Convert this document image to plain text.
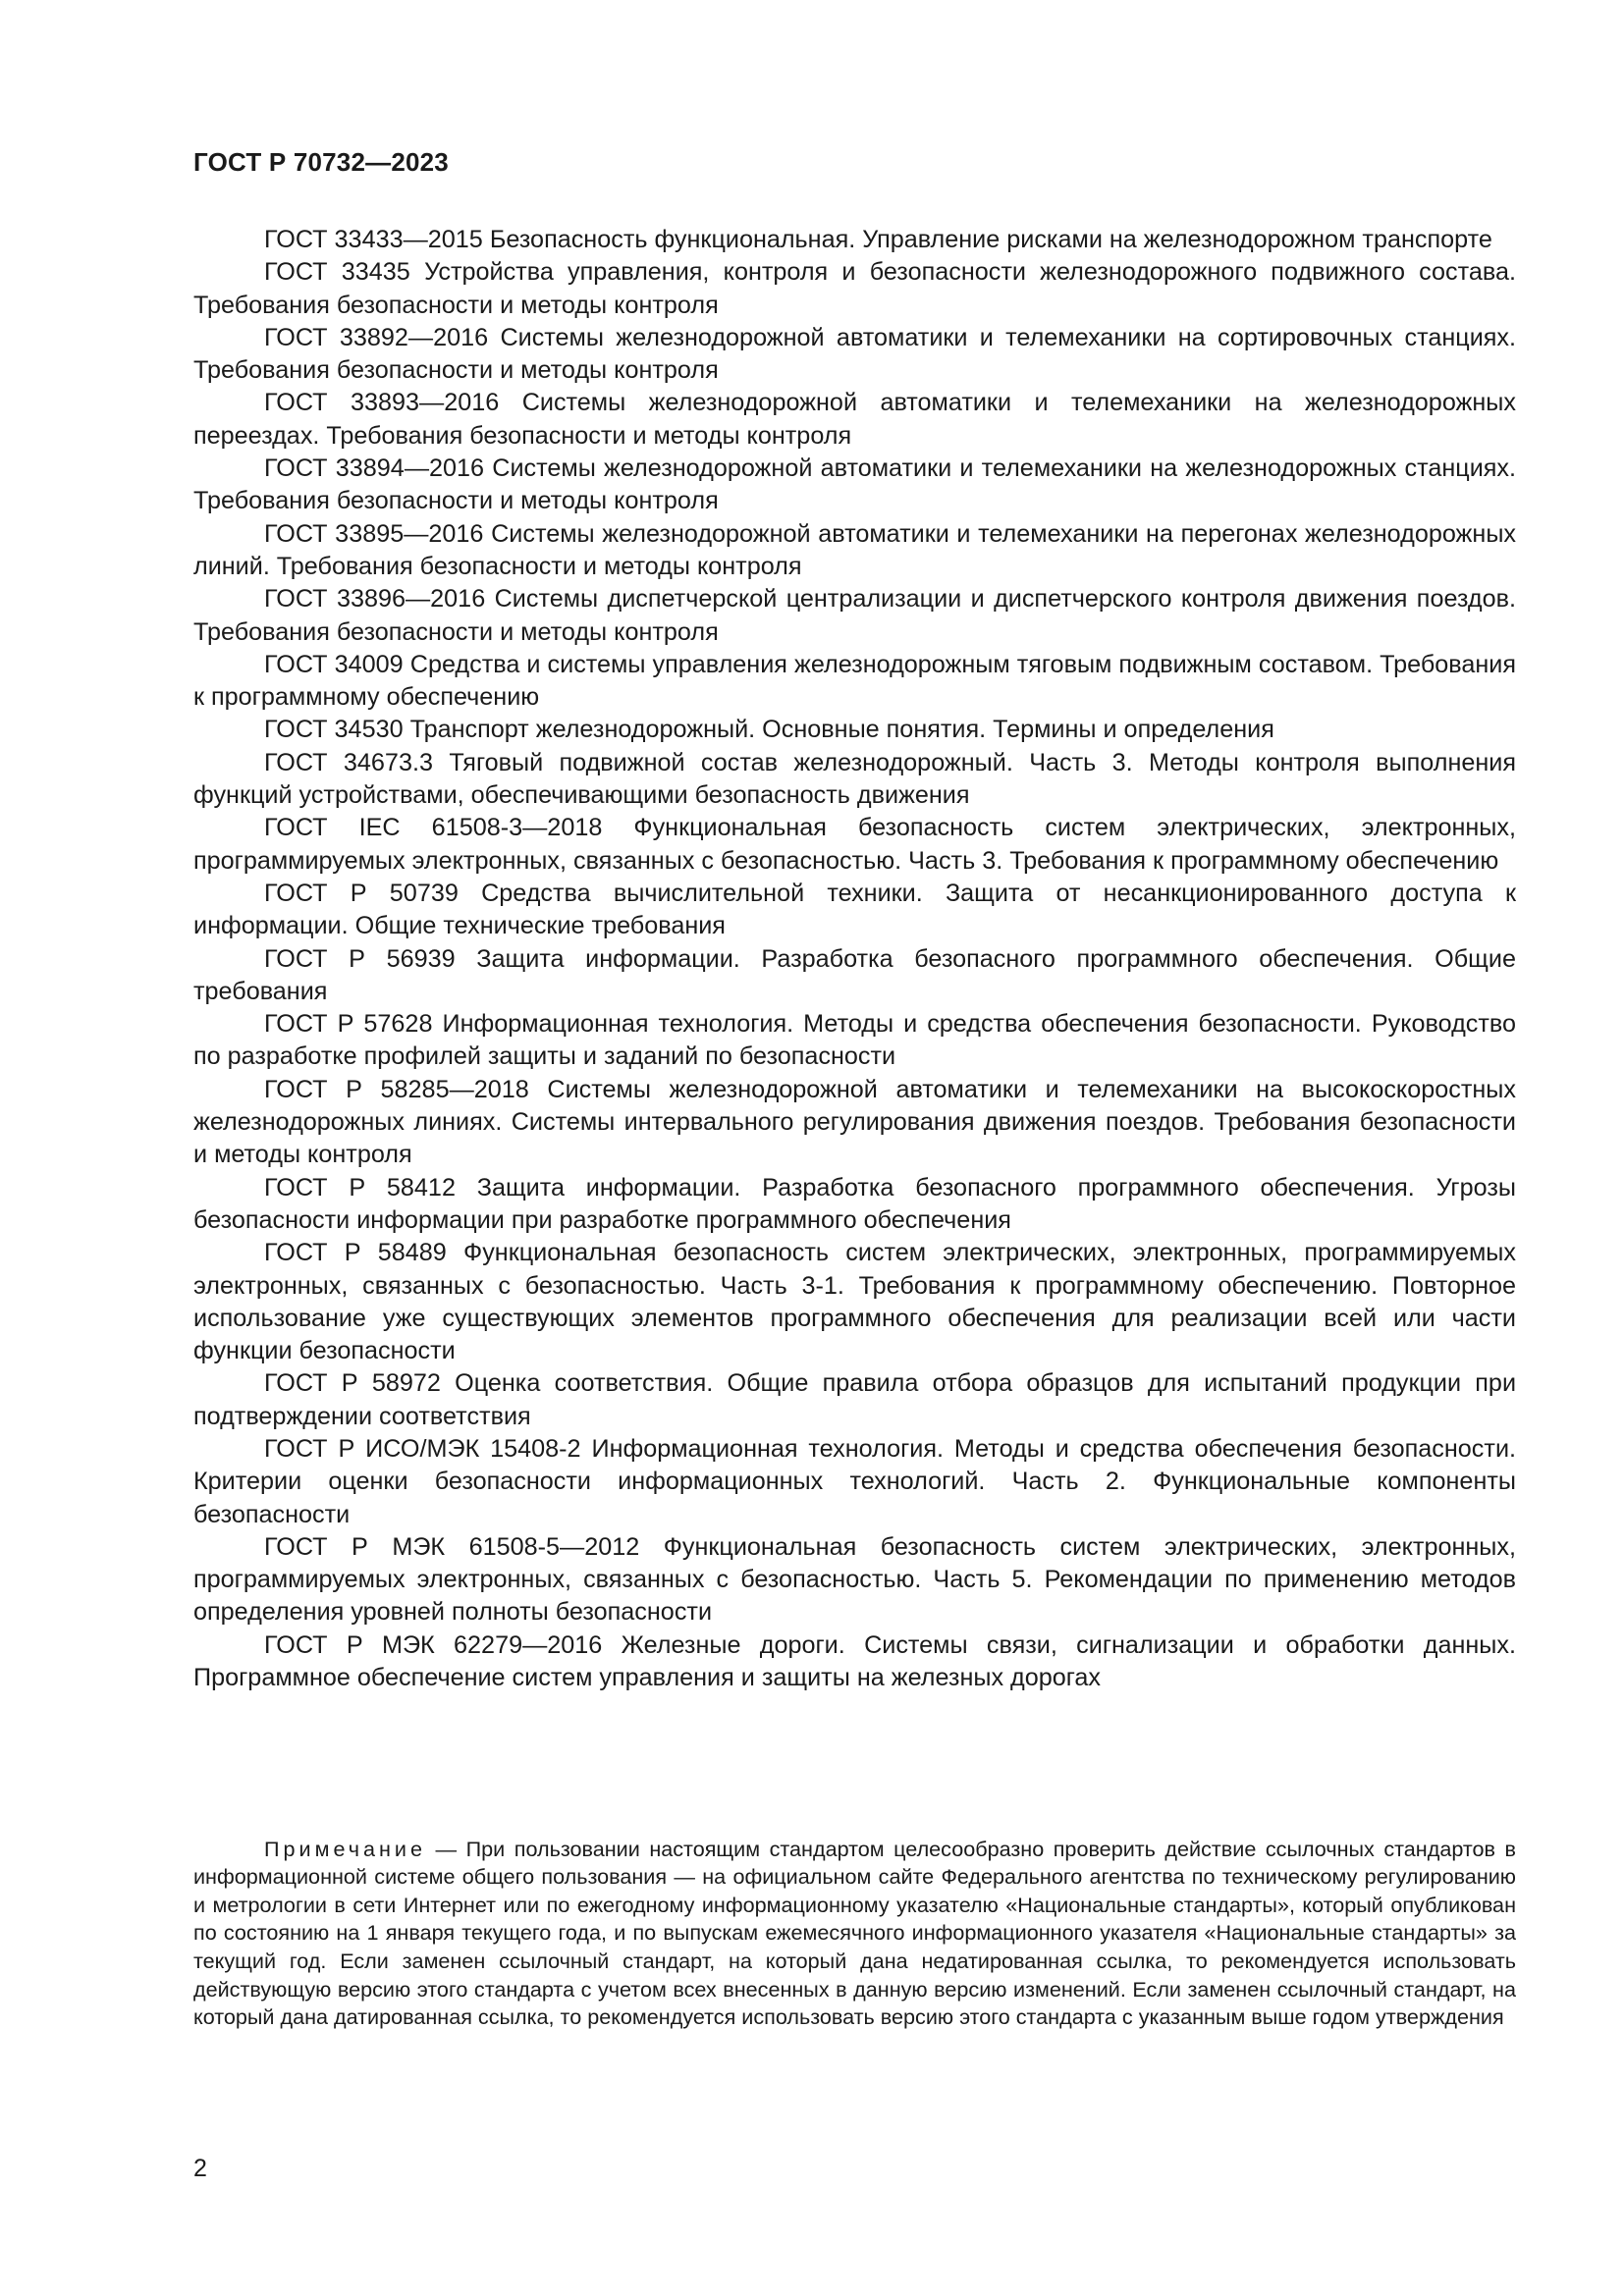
ГОСТ Р 70732—2023

ГОСТ 33433—2015 Безопасность функциональная. Управление рисками на железнодорожном транспорте

ГОСТ 33435 Устройства управления, контроля и безопасности железнодорожного подвижного состава. Требования безопасности и методы контроля

ГОСТ 33892—2016 Системы железнодорожной автоматики и телемеханики на сортировочных станциях. Требования безопасности и методы контроля

ГОСТ 33893—2016 Системы железнодорожной автоматики и телемеханики на железнодорожных переездах. Требования безопасности и методы контроля

ГОСТ 33894—2016 Системы железнодорожной автоматики и телемеханики на железнодорожных станциях. Требования безопасности и методы контроля

ГОСТ 33895—2016 Системы железнодорожной автоматики и телемеханики на перегонах железнодорожных линий. Требования безопасности и методы контроля

ГОСТ 33896—2016 Системы диспетчерской централизации и диспетчерского контроля движения поездов. Требования безопасности и методы контроля

ГОСТ 34009 Средства и системы управления железнодорожным тяговым подвижным составом. Требования к программному обеспечению

ГОСТ 34530 Транспорт железнодорожный. Основные понятия. Термины и определения

ГОСТ 34673.3 Тяговый подвижной состав железнодорожный. Часть 3. Методы контроля выполнения функций устройствами, обеспечивающими безопасность движения

ГОСТ IEC 61508-3—2018 Функциональная безопасность систем электрических, электронных, программируемых электронных, связанных с безопасностью. Часть 3. Требования к программному обеспечению

ГОСТ Р 50739 Средства вычислительной техники. Защита от несанкционированного доступа к информации. Общие технические требования

ГОСТ Р 56939 Защита информации. Разработка безопасного программного обеспечения. Общие требования

ГОСТ Р 57628 Информационная технология. Методы и средства обеспечения безопасности. Руководство по разработке профилей защиты и заданий по безопасности

ГОСТ Р 58285—2018 Системы железнодорожной автоматики и телемеханики на высокоскоростных железнодорожных линиях. Системы интервального регулирования движения поездов. Требования безопасности и методы контроля

ГОСТ Р 58412 Защита информации. Разработка безопасного программного обеспечения. Угрозы безопасности информации при разработке программного обеспечения

ГОСТ Р 58489 Функциональная безопасность систем электрических, электронных, программируемых электронных, связанных с безопасностью. Часть 3-1. Требования к программному обеспечению. Повторное использование уже существующих элементов программного обеспечения для реализации всей или части функции безопасности

ГОСТ Р 58972 Оценка соответствия. Общие правила отбора образцов для испытаний продукции при подтверждении соответствия

ГОСТ Р ИСО/МЭК 15408-2 Информационная технология. Методы и средства обеспечения безопасности. Критерии оценки безопасности информационных технологий. Часть 2. Функциональные компоненты безопасности

ГОСТ Р МЭК 61508-5—2012 Функциональная безопасность систем электрических, электронных, программируемых электронных, связанных с безопасностью. Часть 5. Рекомендации по применению методов определения уровней полноты безопасности

ГОСТ Р МЭК 62279—2016 Железные дороги. Системы связи, сигнализации и обработки данных. Программное обеспечение систем управления и защиты на железных дорогах

Примечание — При пользовании настоящим стандартом целесообразно проверить действие ссылочных стандартов в информационной системе общего пользования — на официальном сайте Федерального агентства по техническому регулированию и метрологии в сети Интернет или по ежегодному информационному указателю «Национальные стандарты», который опубликован по состоянию на 1 января текущего года, и по выпускам ежемесячного информационного указателя «Национальные стандарты» за текущий год. Если заменен ссылочный стандарт, на который дана недатированная ссылка, то рекомендуется использовать действующую версию этого стандарта с учетом всех внесенных в данную версию изменений. Если заменен ссылочный стандарт, на который дана датированная ссылка, то рекомендуется использовать версию этого стандарта с указанным выше годом утверждения

2
